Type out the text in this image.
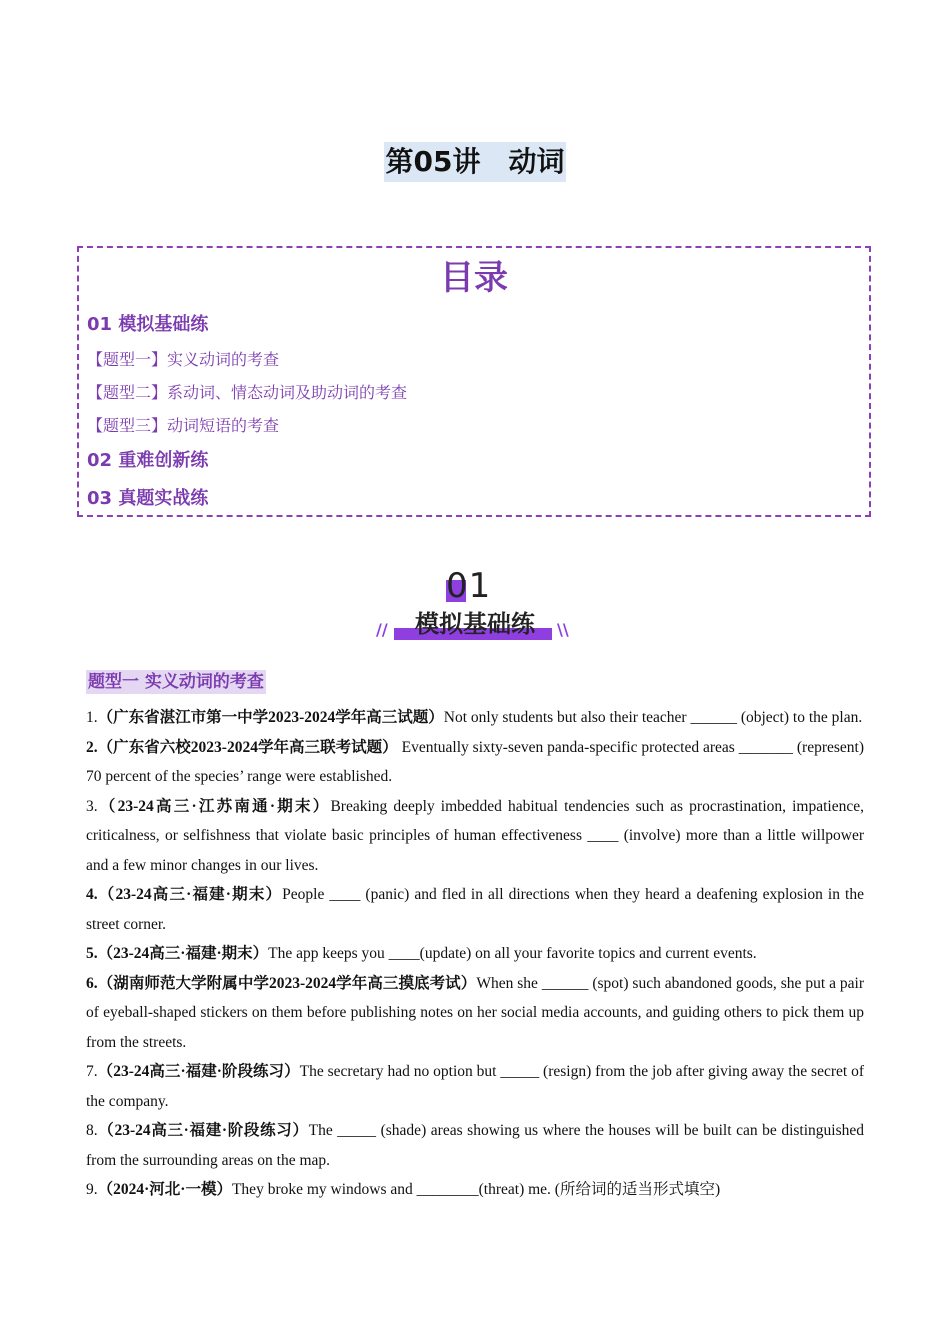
第05讲　动词
目录
01 模拟基础练
【题型一】实义动词的考查
【题型二】系动词、情态动词及助动词的考查
【题型三】动词短语的考查
02 重难创新练
03 真题实战练
01
//	\\
模拟基础练
题型一 实义动词的考查

1.（广东省湛江市第一中学2023-2024学年高三试题）Not only students but also their teacher ______ (object) to the plan.

2.（广东省六校2023-2024学年高三联考试题） Eventually sixty-seven panda-specific protected areas _______ (represent) 70 percent of the species’ range were established.

3.（23-24高三·江苏南通·期末）Breaking deeply imbedded habitual tendencies such as procrastination, impatience, criticalness, or selfishness that violate basic principles of human effectiveness ____ (involve) more than a little willpower and a few minor changes in our lives.

4.（23-24高三·福建·期末）People ____ (panic) and fled in all directions when they heard a deafening explosion in the street corner.

5.（23-24高三·福建·期末）The app keeps you ____(update) on all your favorite topics and current events.

6.（湖南师范大学附属中学2023-2024学年高三摸底考试）When she ______ (spot) such abandoned goods, she put a pair of eyeball-shaped stickers on them before publishing notes on her social media accounts, and guiding others to pick them up from the streets.

7.（23-24高三·福建·阶段练习）The secretary had no option but _____ (resign) from the job after giving away the secret of the company.

8.（23-24高三·福建·阶段练习）The _____ (shade) areas showing us where the houses will be built can be distinguished from the surrounding areas on the map.

9.（2024·河北·一模）They broke my windows and ________(threat) me. (所给词的适当形式填空)
